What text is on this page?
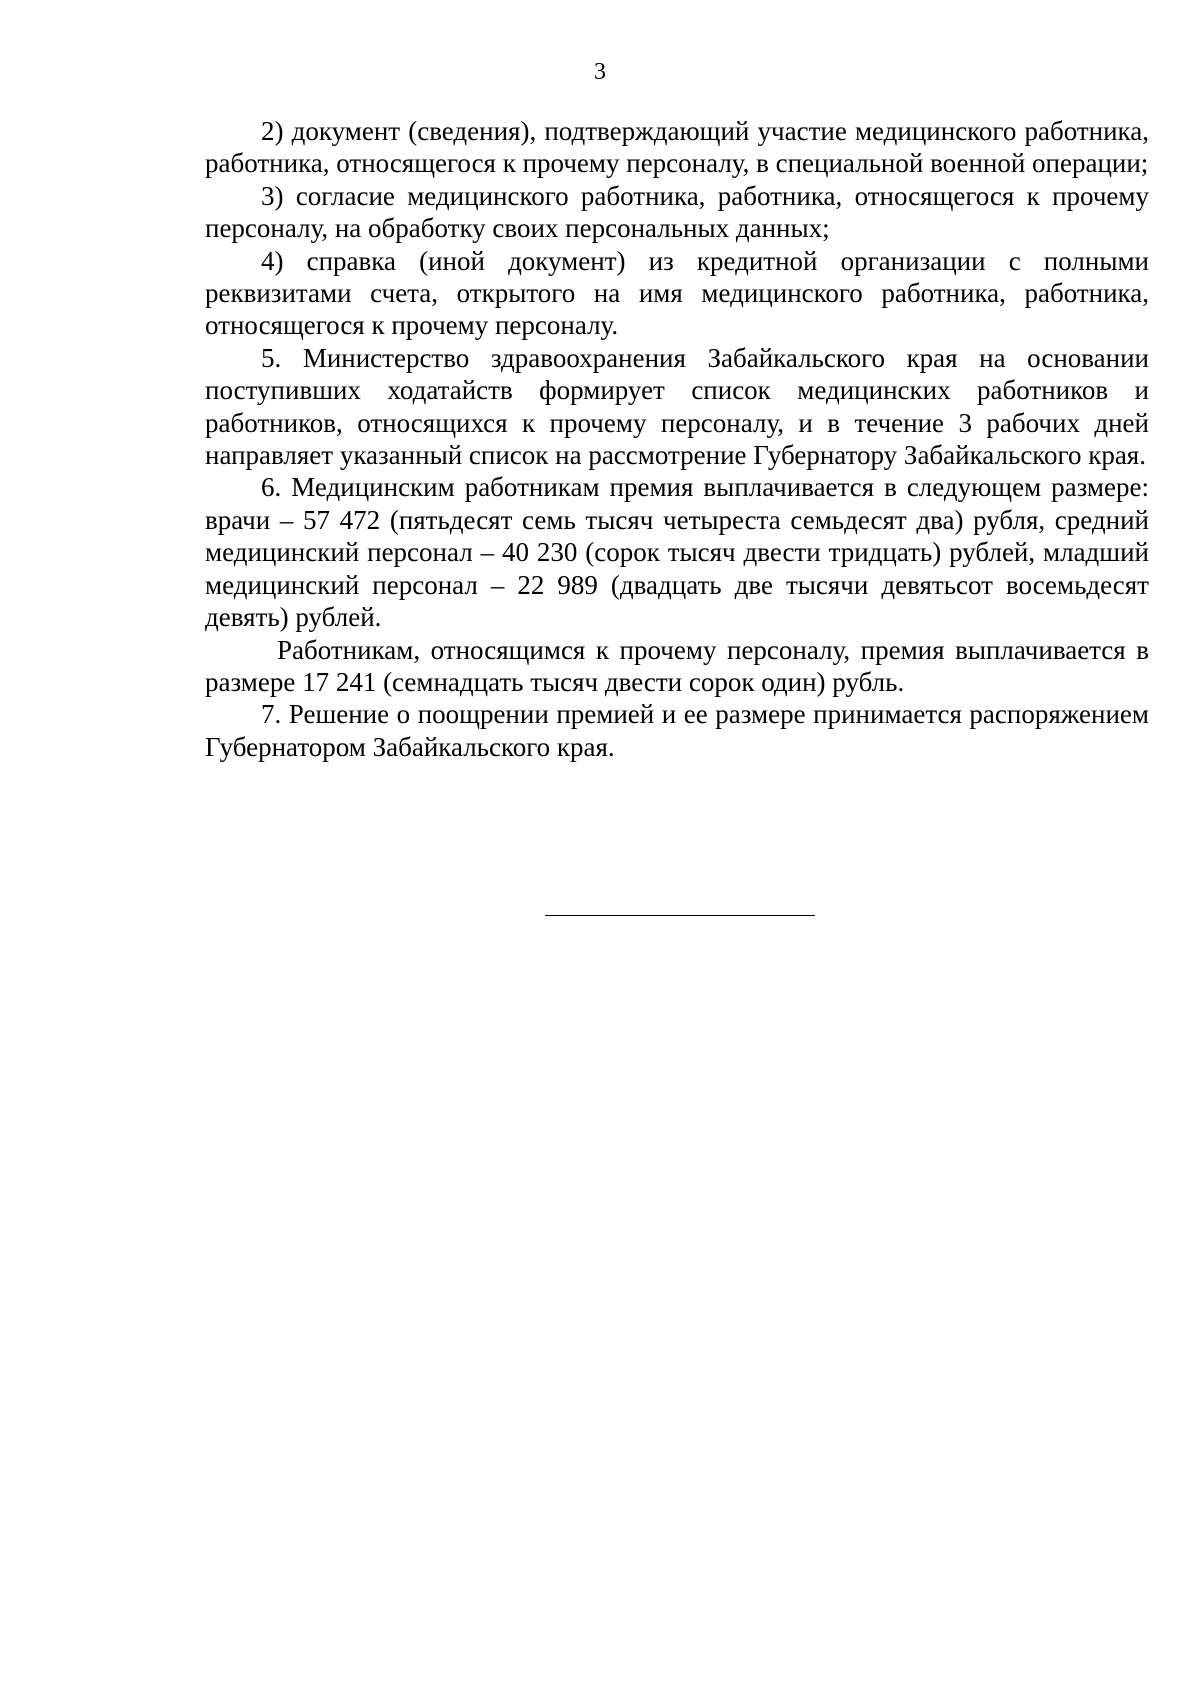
3

2) документ (сведения), подтверждающий участие медицинского работника, работника, относящегося к прочему персоналу, в специальной военной операции;

3) согласие медицинского работника, работника, относящегося к прочему персоналу, на обработку своих персональных данных;

4) справка (иной документ) из кредитной организации с полными реквизитами счета, открытого на имя медицинского работника, работника, относящегося к прочему персоналу.

5. Министерство здравоохранения Забайкальского края на основании поступивших ходатайств формирует список медицинских работников и работников, относящихся к прочему персоналу, и в течение 3 рабочих дней направляет указанный список на рассмотрение Губернатору Забайкальского края.

6. Медицинским работникам премия выплачивается в следующем размере: врачи – 57 472 (пятьдесят семь тысяч четыреста семьдесят два) рубля, средний медицинский персонал – 40 230 (сорок тысяч двести тридцать) рублей, младший медицинский персонал – 22 989 (двадцать две тысячи девятьсот восемьдесят девять) рублей.

Работникам, относящимся к прочему персоналу, премия выплачивается в размере 17 241 (семнадцать тысяч двести сорок один) рубль.

7. Решение о поощрении премией и ее размере принимается распоряжением Губернатором Забайкальского края.
